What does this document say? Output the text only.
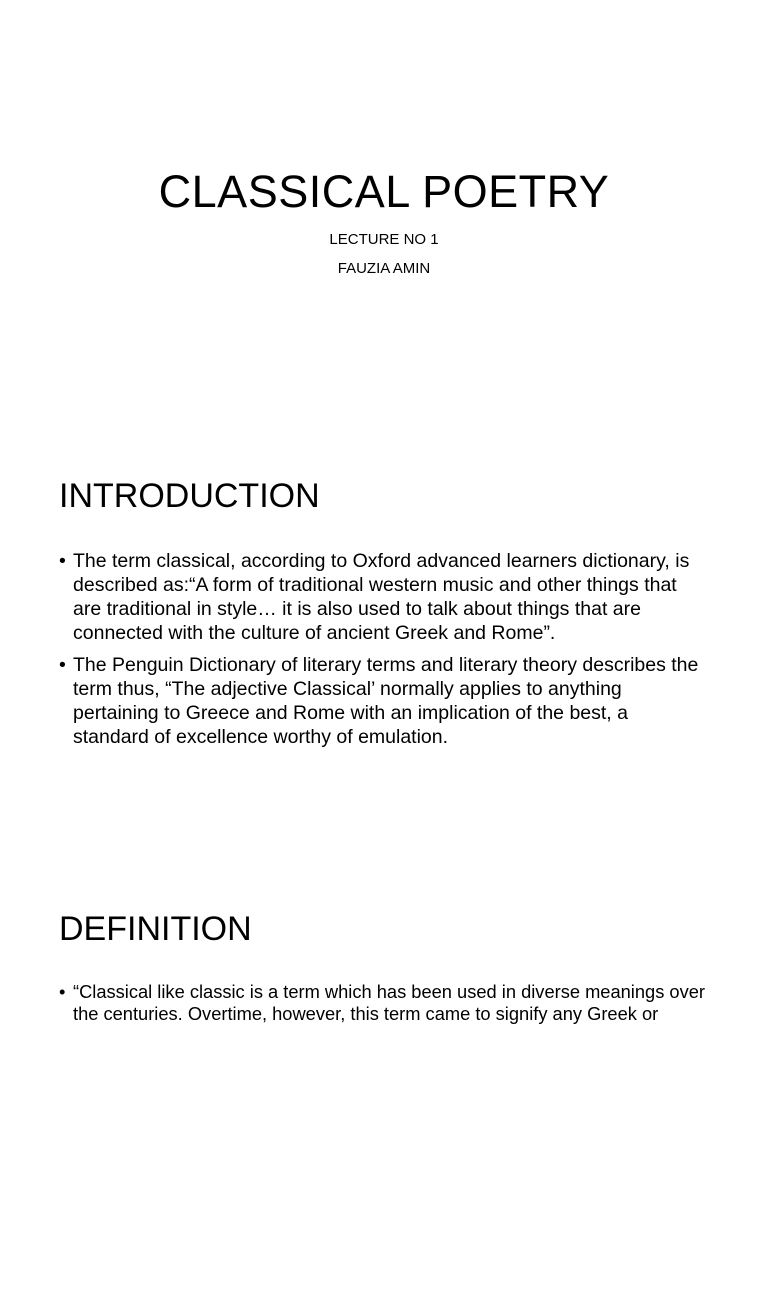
CLASSICAL POETRY
LECTURE NO 1
FAUZIA AMIN
INTRODUCTION
• The term classical, according to Oxford advanced learners dictionary, is described as:“A form of traditional western music and other things that are traditional in style… it is also used to talk about things that are connected with the culture of ancient Greek and Rome”.
• The Penguin Dictionary of literary terms and literary theory describes the term thus, “The adjective Classical’ normally applies to anything pertaining to Greece and Rome with an implication of the best, a standard of excellence worthy of emulation.
DEFINITION
• “Classical like classic is a term which has been used in diverse meanings over the centuries. Overtime, however, this term came to signify any Greek or
